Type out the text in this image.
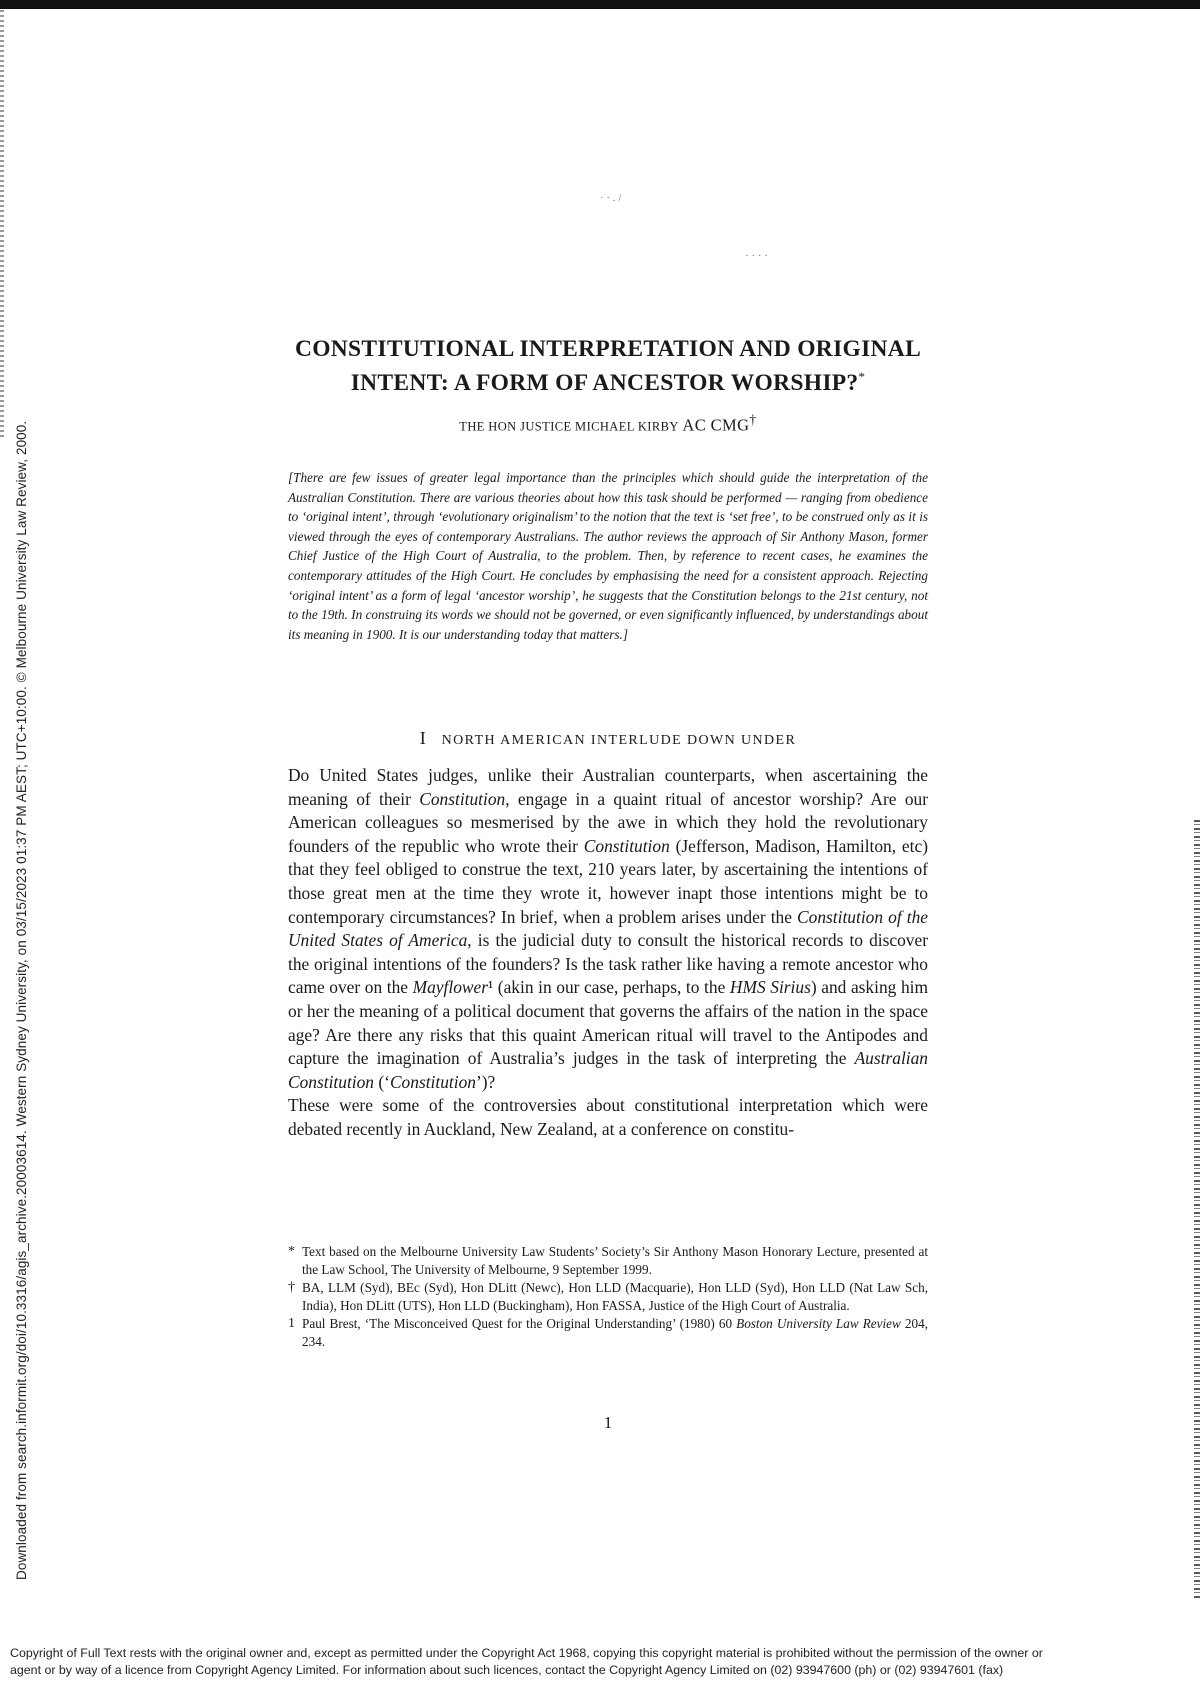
Downloaded from search.informit.org/doi/10.3316/agis_archive.20003614. Western Sydney University, on 03/15/2023 01:37 PM AEST; UTC+10:00. © Melbourne University Law Review, 2000.
· · . /
· · · ·
CONSTITUTIONAL INTERPRETATION AND ORIGINAL
INTENT: A FORM OF ANCESTOR WORSHIP?*
THE HON JUSTICE MICHAEL KIRBY AC CMG†
[There are few issues of greater legal importance than the principles which should guide the interpretation of the Australian Constitution. There are various theories about how this task should be performed — ranging from obedience to ‘original intent’, through ‘evolutionary originalism’ to the notion that the text is ‘set free’, to be construed only as it is viewed through the eyes of contemporary Australians. The author reviews the approach of Sir Anthony Mason, former Chief Justice of the High Court of Australia, to the problem. Then, by reference to recent cases, he examines the contemporary attitudes of the High Court. He concludes by emphasising the need for a consistent approach. Rejecting ‘original intent’ as a form of legal ‘ancestor worship’, he suggests that the Constitution belongs to the 21st century, not to the 19th. In construing its words we should not be governed, or even significantly influenced, by understandings about its meaning in 1900. It is our understanding today that matters.]
I NORTH AMERICAN INTERLUDE DOWN UNDER

Do United States judges, unlike their Australian counterparts, when ascertaining the meaning of their Constitution, engage in a quaint ritual of ancestor worship? Are our American colleagues so mesmerised by the awe in which they hold the revolutionary founders of the republic who wrote their Constitution (Jefferson, Madison, Hamilton, etc) that they feel obliged to construe the text, 210 years later, by ascertaining the intentions of those great men at the time they wrote it, however inapt those intentions might be to contemporary circumstances? In brief, when a problem arises under the Constitution of the United States of America, is the judicial duty to consult the historical records to discover the original intentions of the founders? Is the task rather like having a remote ancestor who came over on the Mayflower¹ (akin in our case, perhaps, to the HMS Sirius) and asking him or her the meaning of a political document that governs the affairs of the nation in the space age? Are there any risks that this quaint American ritual will travel to the Antipodes and capture the imagination of Australia’s judges in the task of interpreting the Australian Constitution (‘Constitution’)?

These were some of the controversies about constitutional interpretation which were debated recently in Auckland, New Zealand, at a conference on constitu-

* Text based on the Melbourne University Law Students’ Society’s Sir Anthony Mason Honorary Lecture, presented at the Law School, The University of Melbourne, 9 September 1999.
† BA, LLM (Syd), BEc (Syd), Hon DLitt (Newc), Hon LLD (Macquarie), Hon LLD (Syd), Hon LLD (Nat Law Sch, India), Hon DLitt (UTS), Hon LLD (Buckingham), Hon FASSA, Justice of the High Court of Australia.
1 Paul Brest, ‘The Misconceived Quest for the Original Understanding’ (1980) 60 Boston University Law Review 204, 234.
1
Copyright of Full Text rests with the original owner and, except as permitted under the Copyright Act 1968, copying this copyright material is prohibited without the permission of the owner or
agent or by way of a licence from Copyright Agency Limited. For information about such licences, contact the Copyright Agency Limited on (02) 93947600 (ph) or (02) 93947601 (fax)
